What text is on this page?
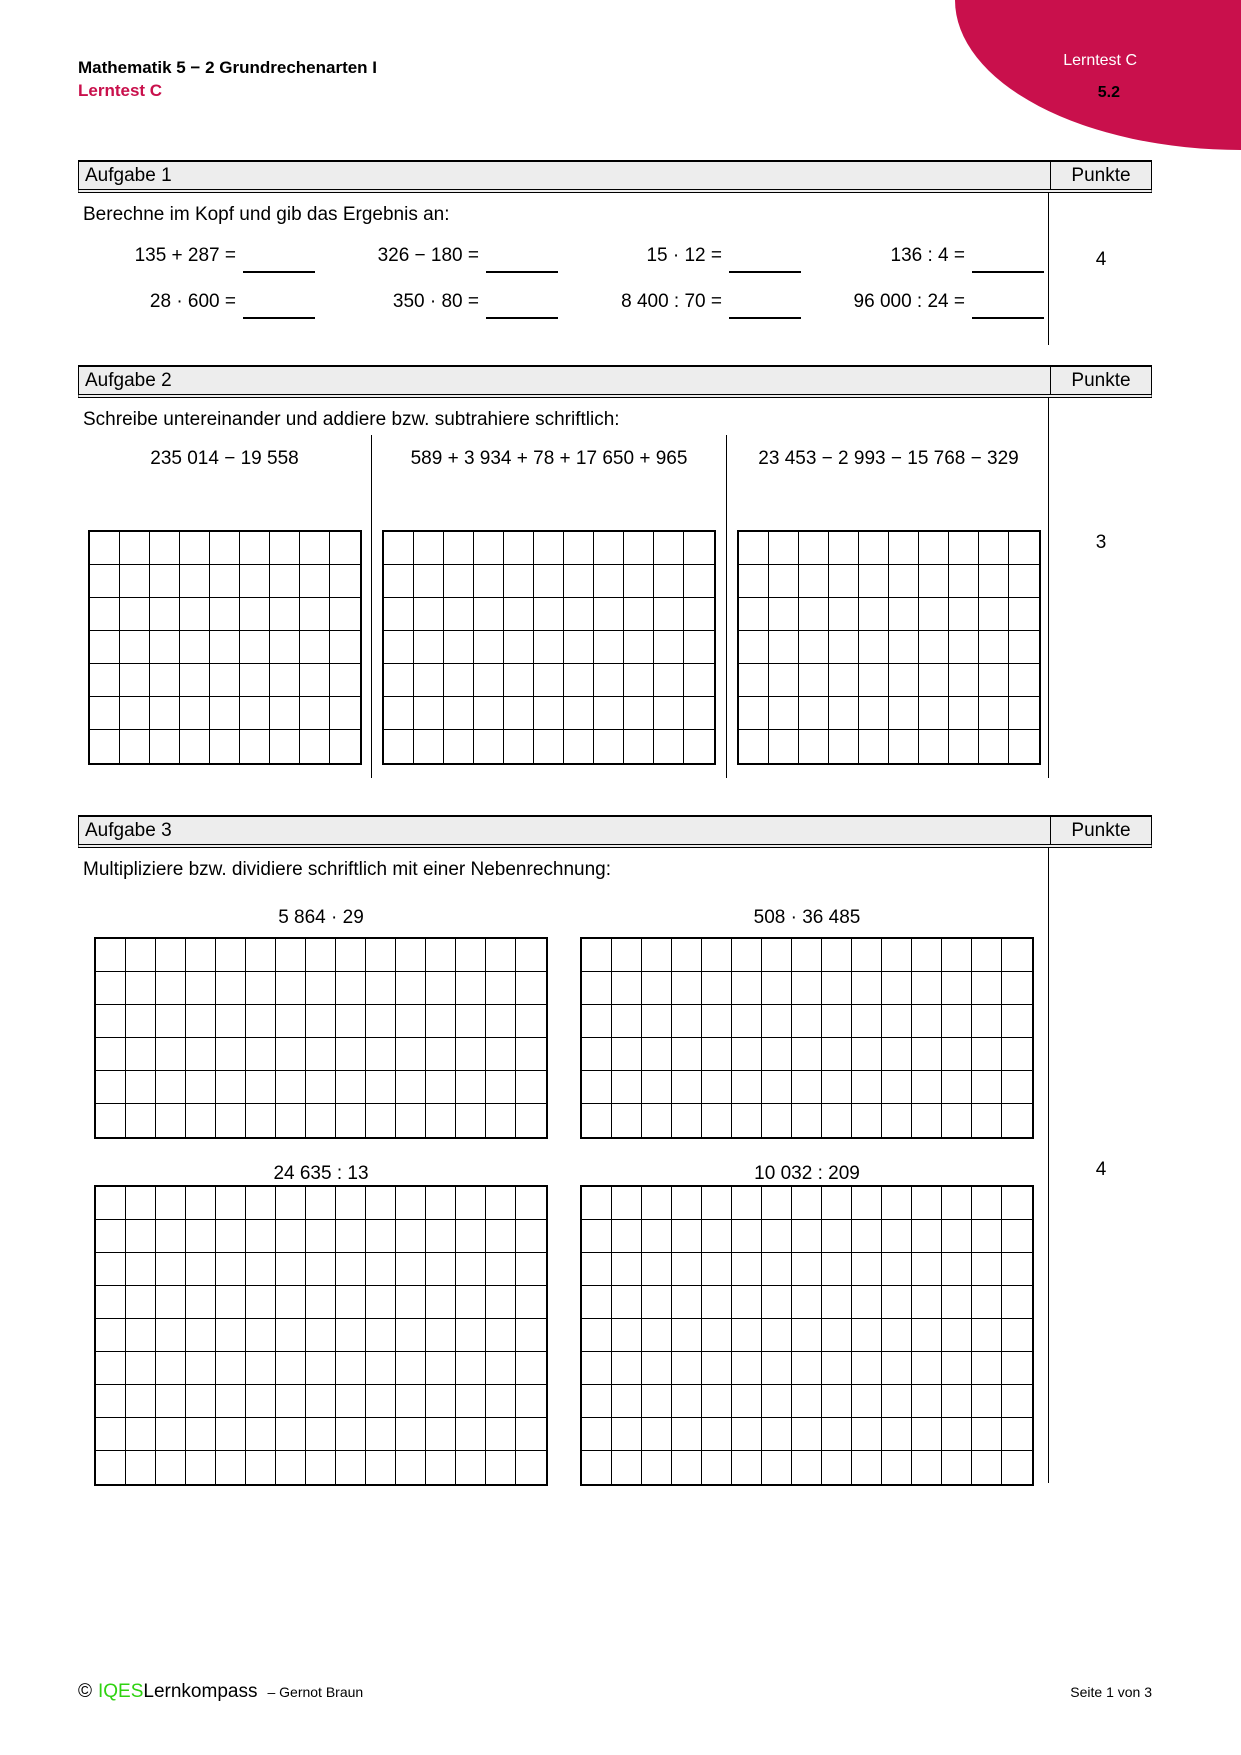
Mathematik 5 − 2 Grundrechenarten I
Lerntest C
Lerntest C
5.2
Aufgabe 1	Punkte
4
Berechne im Kopf und gib das Ergebnis an:
135 + 287 =	326 − 180 =	15 · 12 =	136 : 4 =
28 · 600 =	350 · 80 =	8 400 : 70 =	96 000 : 24 =
Aufgabe 2	Punkte
3
Schreibe untereinander und addiere bzw. subtrahiere schriftlich:
235 014 − 19 558	589 + 3 934 + 78 + 17 650 + 965	23 453 − 2 993 − 15 768 − 329
Aufgabe 3	Punkte
4
Multipliziere bzw. dividiere schriftlich mit einer Nebenrechnung:
5 864 · 29	508 · 36 485
24 635 : 13	10 032 : 209
© IQES Lernkompass – Gernot Braun	Seite 1 von 3
